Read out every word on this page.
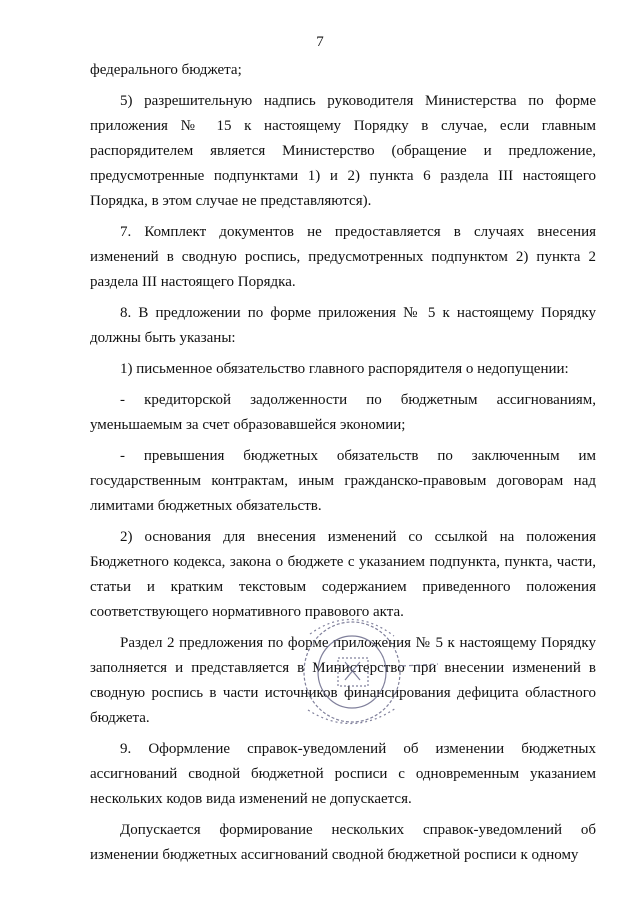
7

федерального бюджета;

5) разрешительную надпись руководителя Министерства по форме приложения № 15 к настоящему Порядку в случае, если главным распорядителем является Министерство (обращение и предложение, предусмотренные подпунктами 1) и 2) пункта 6 раздела III настоящего Порядка, в этом случае не представляются).

7. Комплект документов не предоставляется в случаях внесения изменений в сводную роспись, предусмотренных подпунктом 2) пункта 2 раздела III настоящего Порядка.

8. В предложении по форме приложения № 5 к настоящему Порядку должны быть указаны:

1) письменное обязательство главного распорядителя о недопущении:

- кредиторской задолженности по бюджетным ассигнованиям, уменьшаемым за счет образовавшейся экономии;

- превышения бюджетных обязательств по заключенным им государственным контрактам, иным гражданско-правовым договорам над лимитами бюджетных обязательств.

2) основания для внесения изменений со ссылкой на положения Бюджетного кодекса, закона о бюджете с указанием подпункта, пункта, части, статьи и кратким текстовым содержанием приведенного положения соответствующего нормативного правового акта.

Раздел 2 предложения по форме приложения № 5 к настоящему Порядку заполняется и представляется в Министерство при внесении изменений в сводную роспись в части источников финансирования дефицита областного бюджета.

9. Оформление справок-уведомлений об изменении бюджетных ассигнований сводной бюджетной росписи с одновременным указанием нескольких кодов вида изменений не допускается.

Допускается формирование нескольких справок-уведомлений об изменении бюджетных ассигнований сводной бюджетной росписи к одному
